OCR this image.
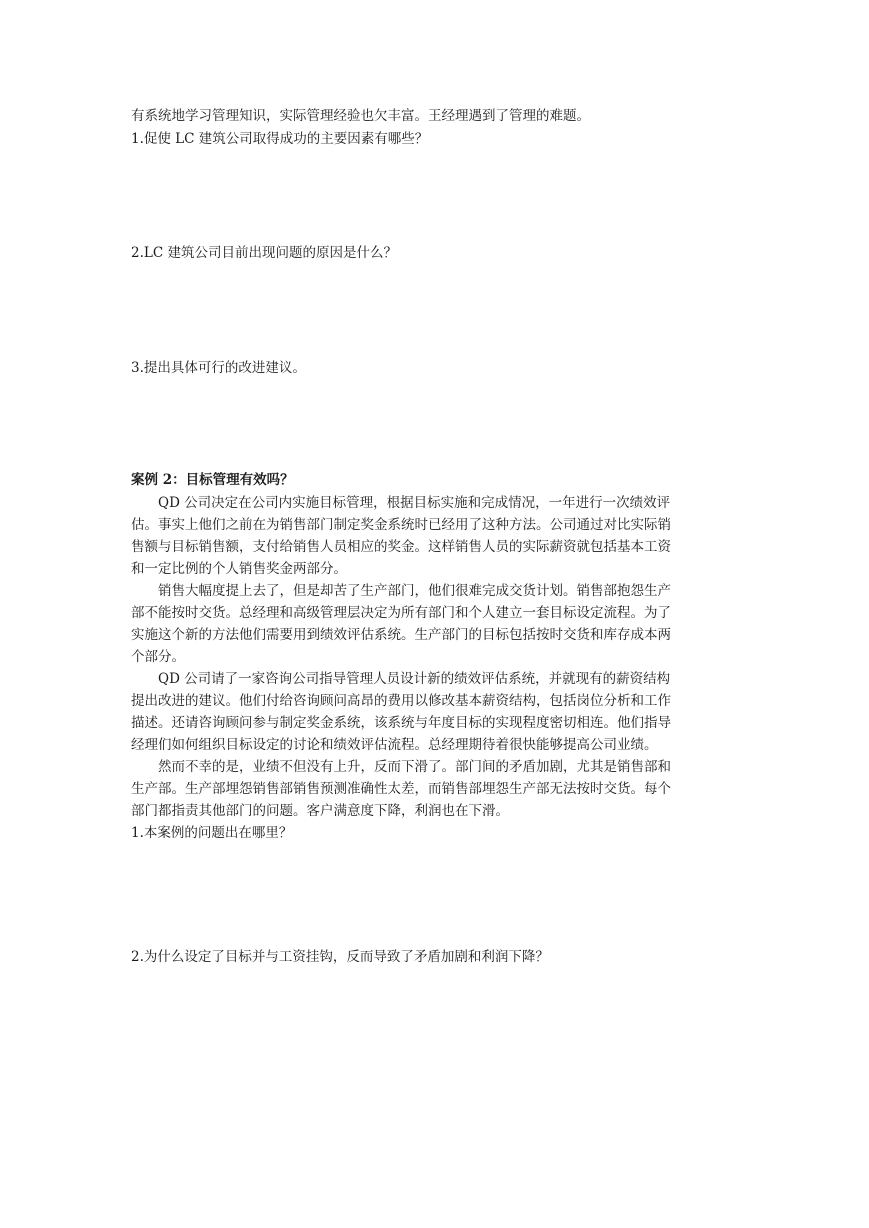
有系统地学习管理知识，实际管理经验也欠丰富。王经理遇到了管理的难题。

1.促使 LC 建筑公司取得成功的主要因素有哪些？

2.LC 建筑公司目前出现问题的原因是什么？

3.提出具体可行的改进建议。

案例 2：目标管理有效吗？

QD 公司决定在公司内实施目标管理，根据目标实施和完成情况，一年进行一次绩效评

估。事实上他们之前在为销售部门制定奖金系统时已经用了这种方法。公司通过对比实际销

售额与目标销售额，支付给销售人员相应的奖金。这样销售人员的实际薪资就包括基本工资

和一定比例的个人销售奖金两部分。

销售大幅度提上去了，但是却苦了生产部门，他们很难完成交货计划。销售部抱怨生产

部不能按时交货。总经理和高级管理层决定为所有部门和个人建立一套目标设定流程。为了

实施这个新的方法他们需要用到绩效评估系统。生产部门的目标包括按时交货和库存成本两

个部分。

QD 公司请了一家咨询公司指导管理人员设计新的绩效评估系统，并就现有的薪资结构

提出改进的建议。他们付给咨询顾问高昂的费用以修改基本薪资结构，包括岗位分析和工作

描述。还请咨询顾问参与制定奖金系统，该系统与年度目标的实现程度密切相连。他们指导

经理们如何组织目标设定的讨论和绩效评估流程。总经理期待着很快能够提高公司业绩。

然而不幸的是，业绩不但没有上升，反而下滑了。部门间的矛盾加剧，尤其是销售部和

生产部。生产部埋怨销售部销售预测准确性太差，而销售部埋怨生产部无法按时交货。每个

部门都指责其他部门的问题。客户满意度下降，利润也在下滑。

1.本案例的问题出在哪里？

2.为什么设定了目标并与工资挂钩，反而导致了矛盾加剧和利润下降？
